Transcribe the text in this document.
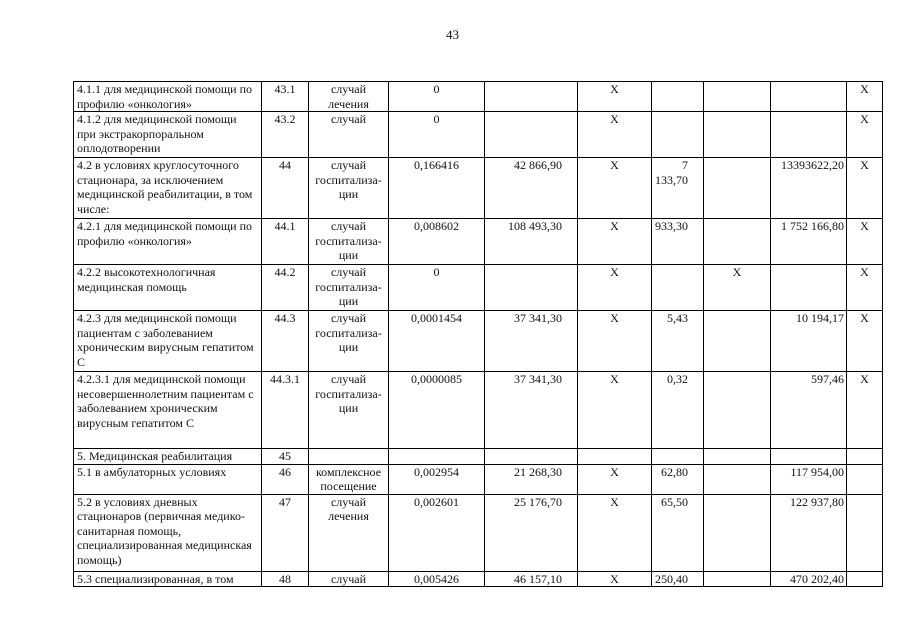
43
4.1.1 для медицинской помощи по профилю «онкология»	43.1	случай лечения	0		Х				Х
4.1.2 для медицинской помощи при экстракорпоральном оплодотворении	43.2	случай	0		Х				Х
4.2 в условиях круглосуточного стационара, за исключением медицинской реабилитации, в том числе:	44	случай госпитализа-ции	0,166416	42 866,90	Х	7 133,70		13393622,20	Х
4.2.1 для медицинской помощи по профилю «онкология»	44.1	случай госпитализа-ции	0,008602	108 493,30	Х	933,30		1 752 166,80	Х
4.2.2 высокотехнологичная медицинская помощь	44.2	случай госпитализа-ции	0		Х		Х		Х
4.2.3 для медицинской помощи пациентам с заболеванием хроническим вирусным гепатитом С	44.3	случай госпитализа-ции	0,0001454	37 341,30	Х	5,43		10 194,17	Х
4.2.3.1 для медицинской помощи несовершеннолетним пациентам с заболеванием хроническим вирусным гепатитом С	44.3.1	случай госпитализа-ции	0,0000085	37 341,30	Х	0,32		597,46	Х
5. Медицинская реабилитация	45								
5.1 в амбулаторных условиях	46	комплексное посещение	0,002954	21 268,30	Х	62,80		117 954,00	
5.2 в условиях дневных стационаров (первичная медико-санитарная помощь, специализированная медицинская помощь)	47	случай лечения	0,002601	25 176,70	Х	65,50		122 937,80	
5.3 специализированная, в том	48	случай	0,005426	46 157,10	Х	250,40		470 202,40	
